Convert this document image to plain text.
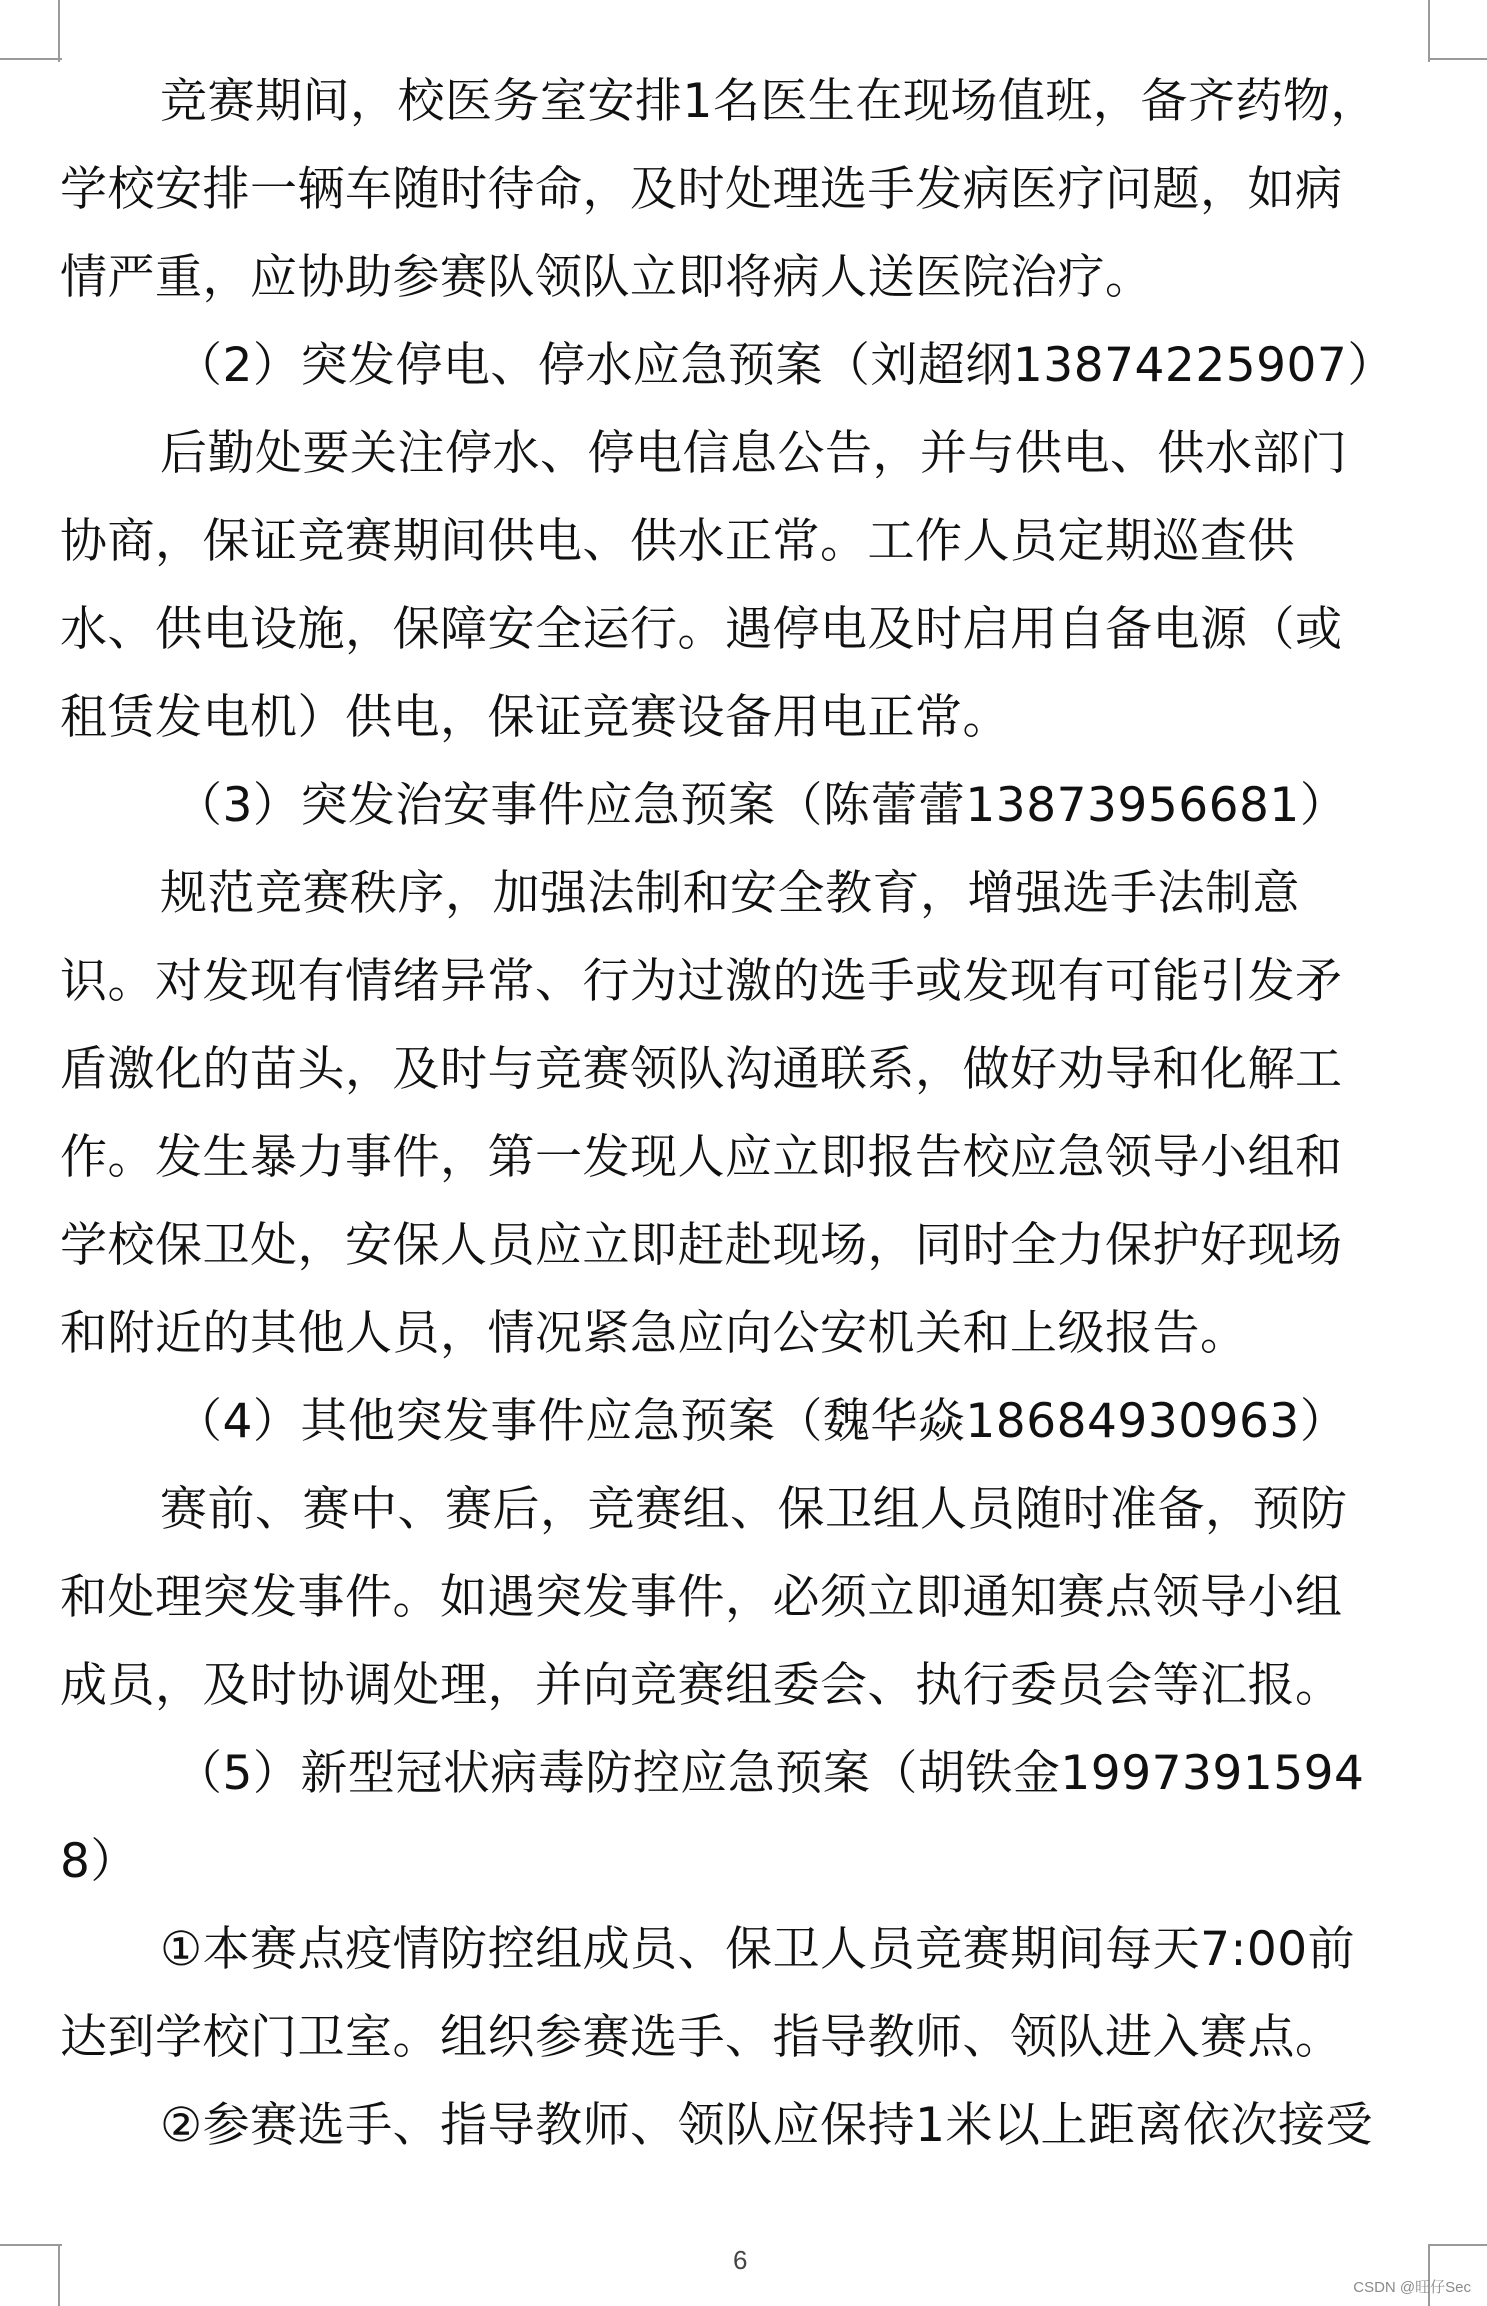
竞赛期间，校医务室安排1名医生在现场值班，备齐药物，
学校安排一辆车随时待命，及时处理选手发病医疗问题，如病
情严重，应协助参赛队领队立即将病人送医院治疗。
（2）突发停电、停水应急预案（刘超纲13874225907）
后勤处要关注停水、停电信息公告，并与供电、供水部门
协商，保证竞赛期间供电、供水正常。工作人员定期巡查供
水、供电设施，保障安全运行。遇停电及时启用自备电源（或
租赁发电机）供电，保证竞赛设备用电正常。
（3）突发治安事件应急预案（陈蕾蕾13873956681）
规范竞赛秩序，加强法制和安全教育，增强选手法制意
识。对发现有情绪异常、行为过激的选手或发现有可能引发矛
盾激化的苗头，及时与竞赛领队沟通联系，做好劝导和化解工
作。发生暴力事件，第一发现人应立即报告校应急领导小组和
学校保卫处，安保人员应立即赶赴现场，同时全力保护好现场
和附近的其他人员，情况紧急应向公安机关和上级报告。
（4）其他突发事件应急预案（魏华焱18684930963）
赛前、赛中、赛后，竞赛组、保卫组人员随时准备，预防
和处理突发事件。如遇突发事件，必须立即通知赛点领导小组
成员，及时协调处理，并向竞赛组委会、执行委员会等汇报。
（5）新型冠状病毒防控应急预案（胡铁金1997391594
8）
①本赛点疫情防控组成员、保卫人员竞赛期间每天7:00前
达到学校门卫室。组织参赛选手、指导教师、领队进入赛点。
②参赛选手、指导教师、领队应保持1米以上距离依次接受
6
CSDN @旺仔Sec
